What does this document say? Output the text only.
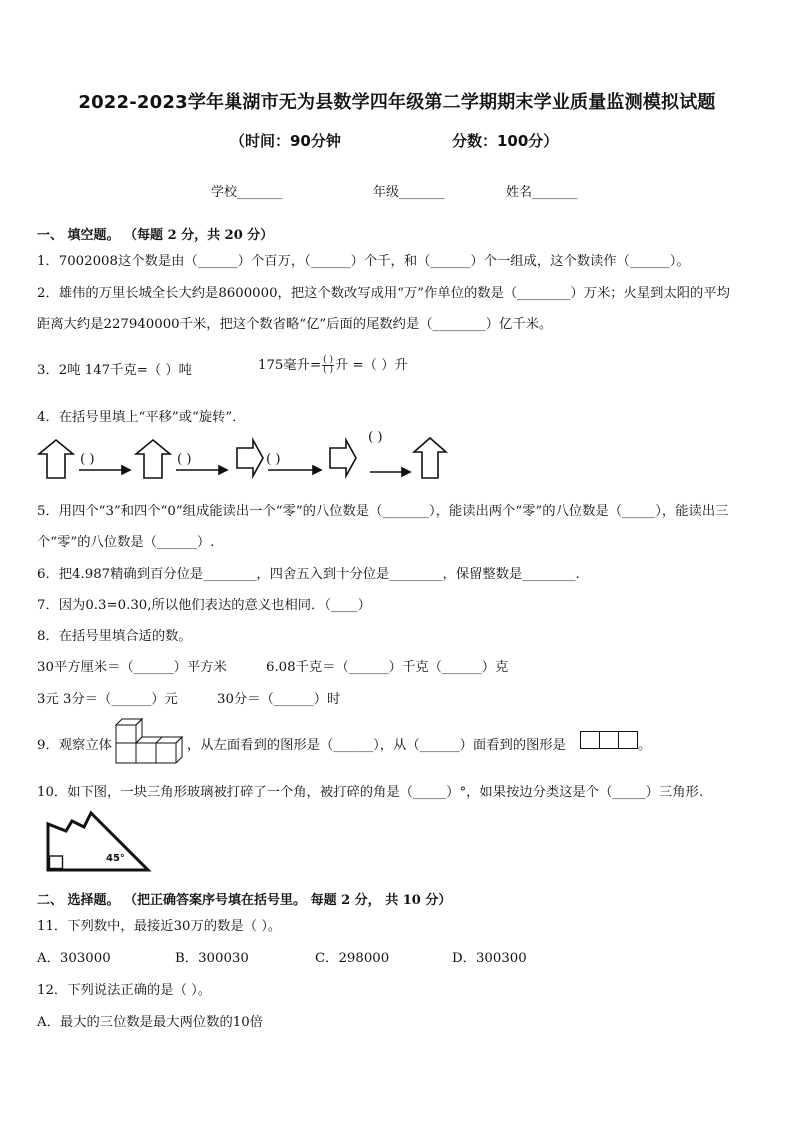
2022-2023学年巢湖市无为县数学四年级第二学期期末学业质量监测模拟试题
（时间：90分钟	分数：100分）
学校_______	年级_______	姓名_______
一、 填空题。 （每题 2 分，共 20 分）
1．7002008这个数是由（______）个百万，（______）个千，和（______）个一组成，这个数读作（______）。
2．雄伟的万里长城全长大约是8600000，把这个数改写成用“万”作单位的数是（________）万米；火星到太阳的平均
距离大约是227940000千米，把这个数省略“亿”后面的尾数约是（________）亿千米。
3．2吨 147千克=（ ）吨	175毫升= $\frac{( )}{( )}$ 升 =（ ）升
4．在括号里填上“平移”或“旋转”．
( )	( )	( )
( )
5．用四个“3”和四个“0”组成能读出一个“零”的八位数是（_______），能读出两个“零”的八位数是（_____），能读出三
个“零”的八位数是（______）.
6．把4.987精确到百分位是________，四舍五入到十分位是________，保留整数是________.
7．因为0.3=0.30,所以他们表达的意义也相同．（____）
8．在括号里填合适的数。
30平方厘米＝（______）平方米	6.08千克＝（______）千克（______）克
3元 3分＝（______）元	30分＝（______）时
9．观察立体	，从左面看到的图形是（______），从（______）面看到的图形是	。
10．如下图，一块三角形玻璃被打碎了一个角，被打碎的角是（_____）°，如果按边分类这是个（_____）三角形.
45°
二、 选择题。 （把正确答案序号填在括号里。 每题 2 分， 共 10 分）
11．下列数中，最接近30万的数是（ ）。
A．303000	B．300030	C．298000	D．300300
12．下列说法正确的是（ ）。
A．最大的三位数是最大两位数的10倍
